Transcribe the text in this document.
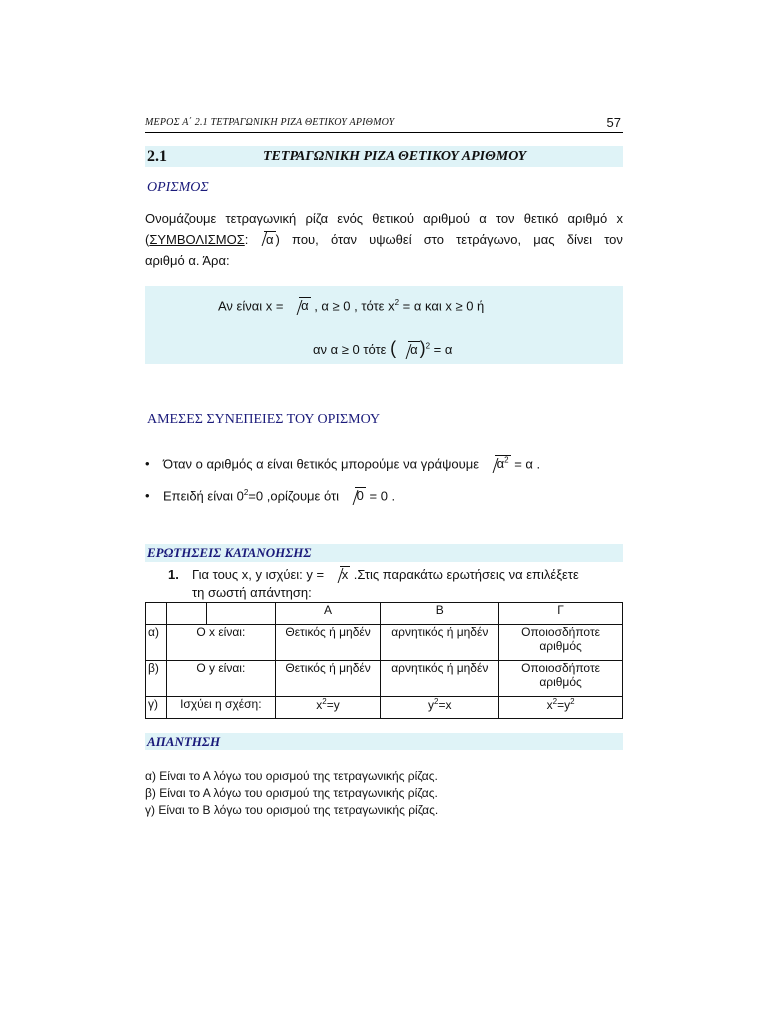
ΜΕΡΟΣ Α΄ 2.1 ΤΕΤΡΑΓΩΝΙΚΗ ΡΙΖΑ ΘΕΤΙΚΟΥ ΑΡΙΘΜΟΥ	57
2.1	ΤΕΤΡΑΓΩΝΙΚΗ ΡΙΖΑ ΘΕΤΙΚΟΥ ΑΡΙΘΜΟΥ
ΟΡΙΣΜΟΣ
Ονομάζουμε τετραγωνική ρίζα ενός θετικού αριθμού α τον θετικό αριθμό x
(ΣΥΜΒΟΛΙΣΜΟΣ: α ) που, όταν υψωθεί στο τετράγωνο, μας δίνει τον
αριθμό α. Άρα:
Αν είναι x = α , α ≥ 0 , τότε $x^2 = \alpha$ και x ≥ 0 ή
αν α ≥ 0 τότε ( α )$^2$ = α
ΑΜΕΣΕΣ ΣΥΝΕΠΕΙΕΣ ΤΟΥ ΟΡΙΣΜΟΥ
• Όταν ο αριθμός α είναι θετικός μπορούμε να γράψουμε $\alpha^2 = \alpha$ .
• Επειδή είναι $0^2=0$ ,ορίζουμε ότι 0 = 0 .
ΕΡΩΤΗΣΕΙΣ ΚΑΤΑΝΟΗΣΗΣ
1. Για τους x, y ισχύει: y = x .Στις παρακάτω ερωτήσεις να επιλέξετε
τη σωστή απάντηση:
			Α	Β	Γ
α)	Ο x είναι:		Θετικός ή μηδέν	αρνητικός ή μηδέν	Οποιοσδήποτε αριθμός
β)	Ο y είναι:		Θετικός ή μηδέν	αρνητικός ή μηδέν	Οποιοσδήποτε αριθμός
γ)	Ισχύει η σχέση:		$x^2=y$	$y^2=x$	$x^2=y^2$
ΑΠΑΝΤΗΣΗ
α) Είναι το Α λόγω του ορισμού της τετραγωνικής ρίζας.
β) Είναι το Α λόγω του ορισμού της τετραγωνικής ρίζας.
γ) Είναι το Β λόγω του ορισμού της τετραγωνικής ρίζας.
